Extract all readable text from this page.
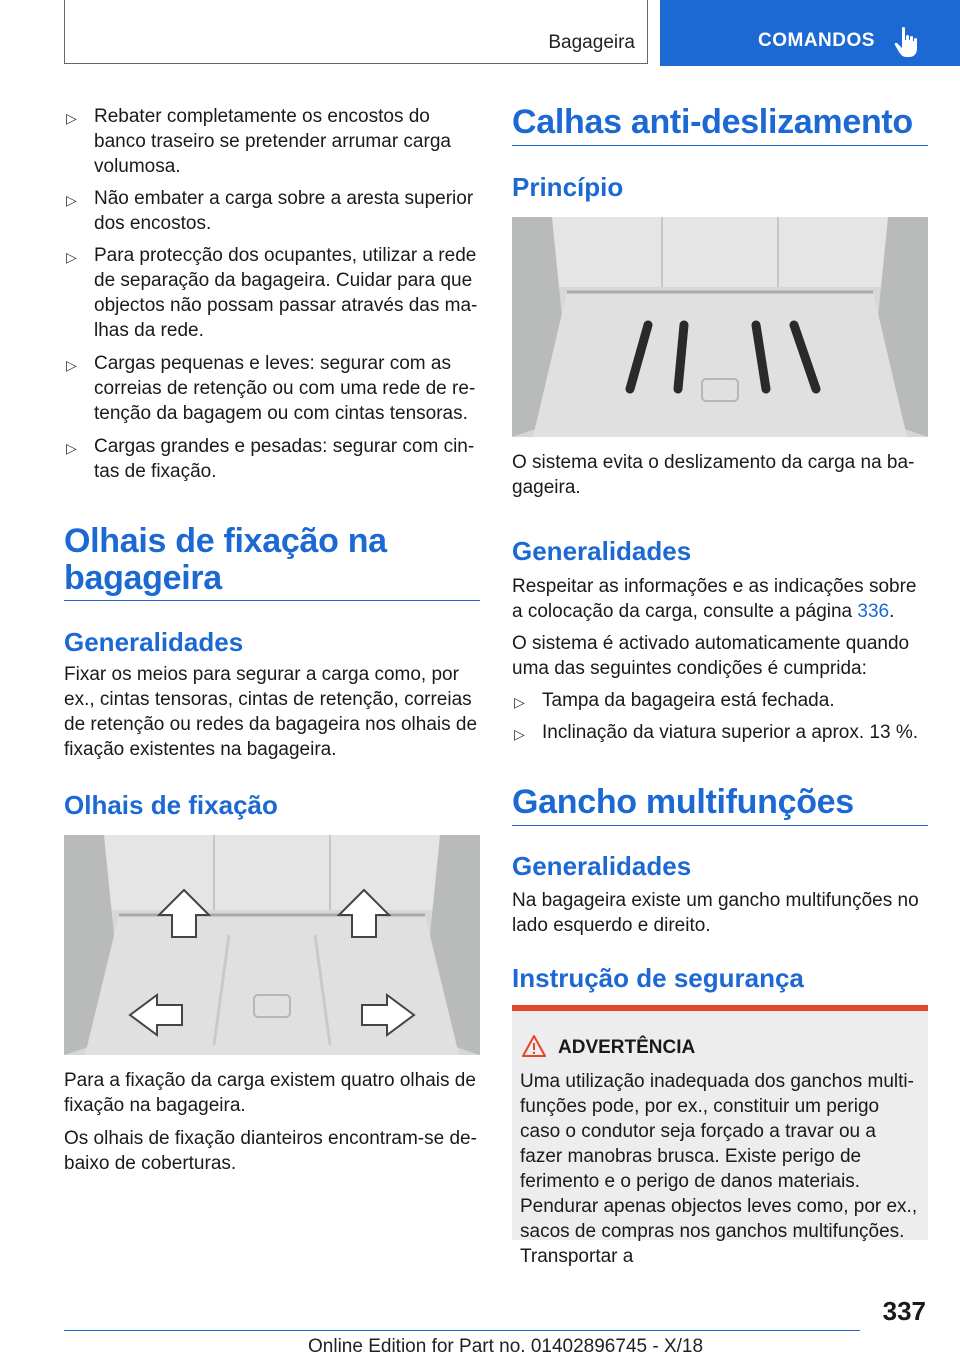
Bagageira	COMANDOS
▷ Rebater completamente os encostos do banco traseiro se pretender arrumar carga volumosa.
▷ Não embater a carga sobre a aresta superior dos encostos.
▷ Para protecção dos ocupantes, utilizar a rede de separação da bagageira. Cuidar para que objectos não possam passar através das malhas da rede.
▷ Cargas pequenas e leves: segurar com as correias de retenção ou com uma rede de retenção da bagagem ou com cintas tensoras.
▷ Cargas grandes e pesadas: segurar com cintas de fixação.
Olhais de fixação na bagageira
Generalidades
Fixar os meios para segurar a carga como, por ex., cintas tensoras, cintas de retenção, correias de retenção ou redes da bagageira nos olhais de fixação existentes na bagageira.
Olhais de fixação
Para a fixação da carga existem quatro olhais de fixação na bagageira.
Os olhais de fixação dianteiros encontram-se debaixo de coberturas.
Calhas anti-deslizamento
Princípio
O sistema evita o deslizamento da carga na bagageira.
Generalidades
Respeitar as informações e as indicações sobre a colocação da carga, consulte a página 336.
O sistema é activado automaticamente quando uma das seguintes condições é cumprida:
▷ Tampa da bagageira está fechada.
▷ Inclinação da viatura superior a aprox. 13 %.
Gancho multifunções
Generalidades
Na bagageira existe um gancho multifunções no lado esquerdo e direito.
Instrução de segurança
ADVERTÊNCIA
Uma utilização inadequada dos ganchos multifunções pode, por ex., constituir um perigo caso o condutor seja forçado a travar ou a fazer manobras brusca. Existe perigo de ferimento e o perigo de danos materiais. Pendurar apenas objectos leves como, por ex., sacos de compras nos ganchos multifunções. Transportar a
337
Online Edition for Part no. 01402896745 - X/18
